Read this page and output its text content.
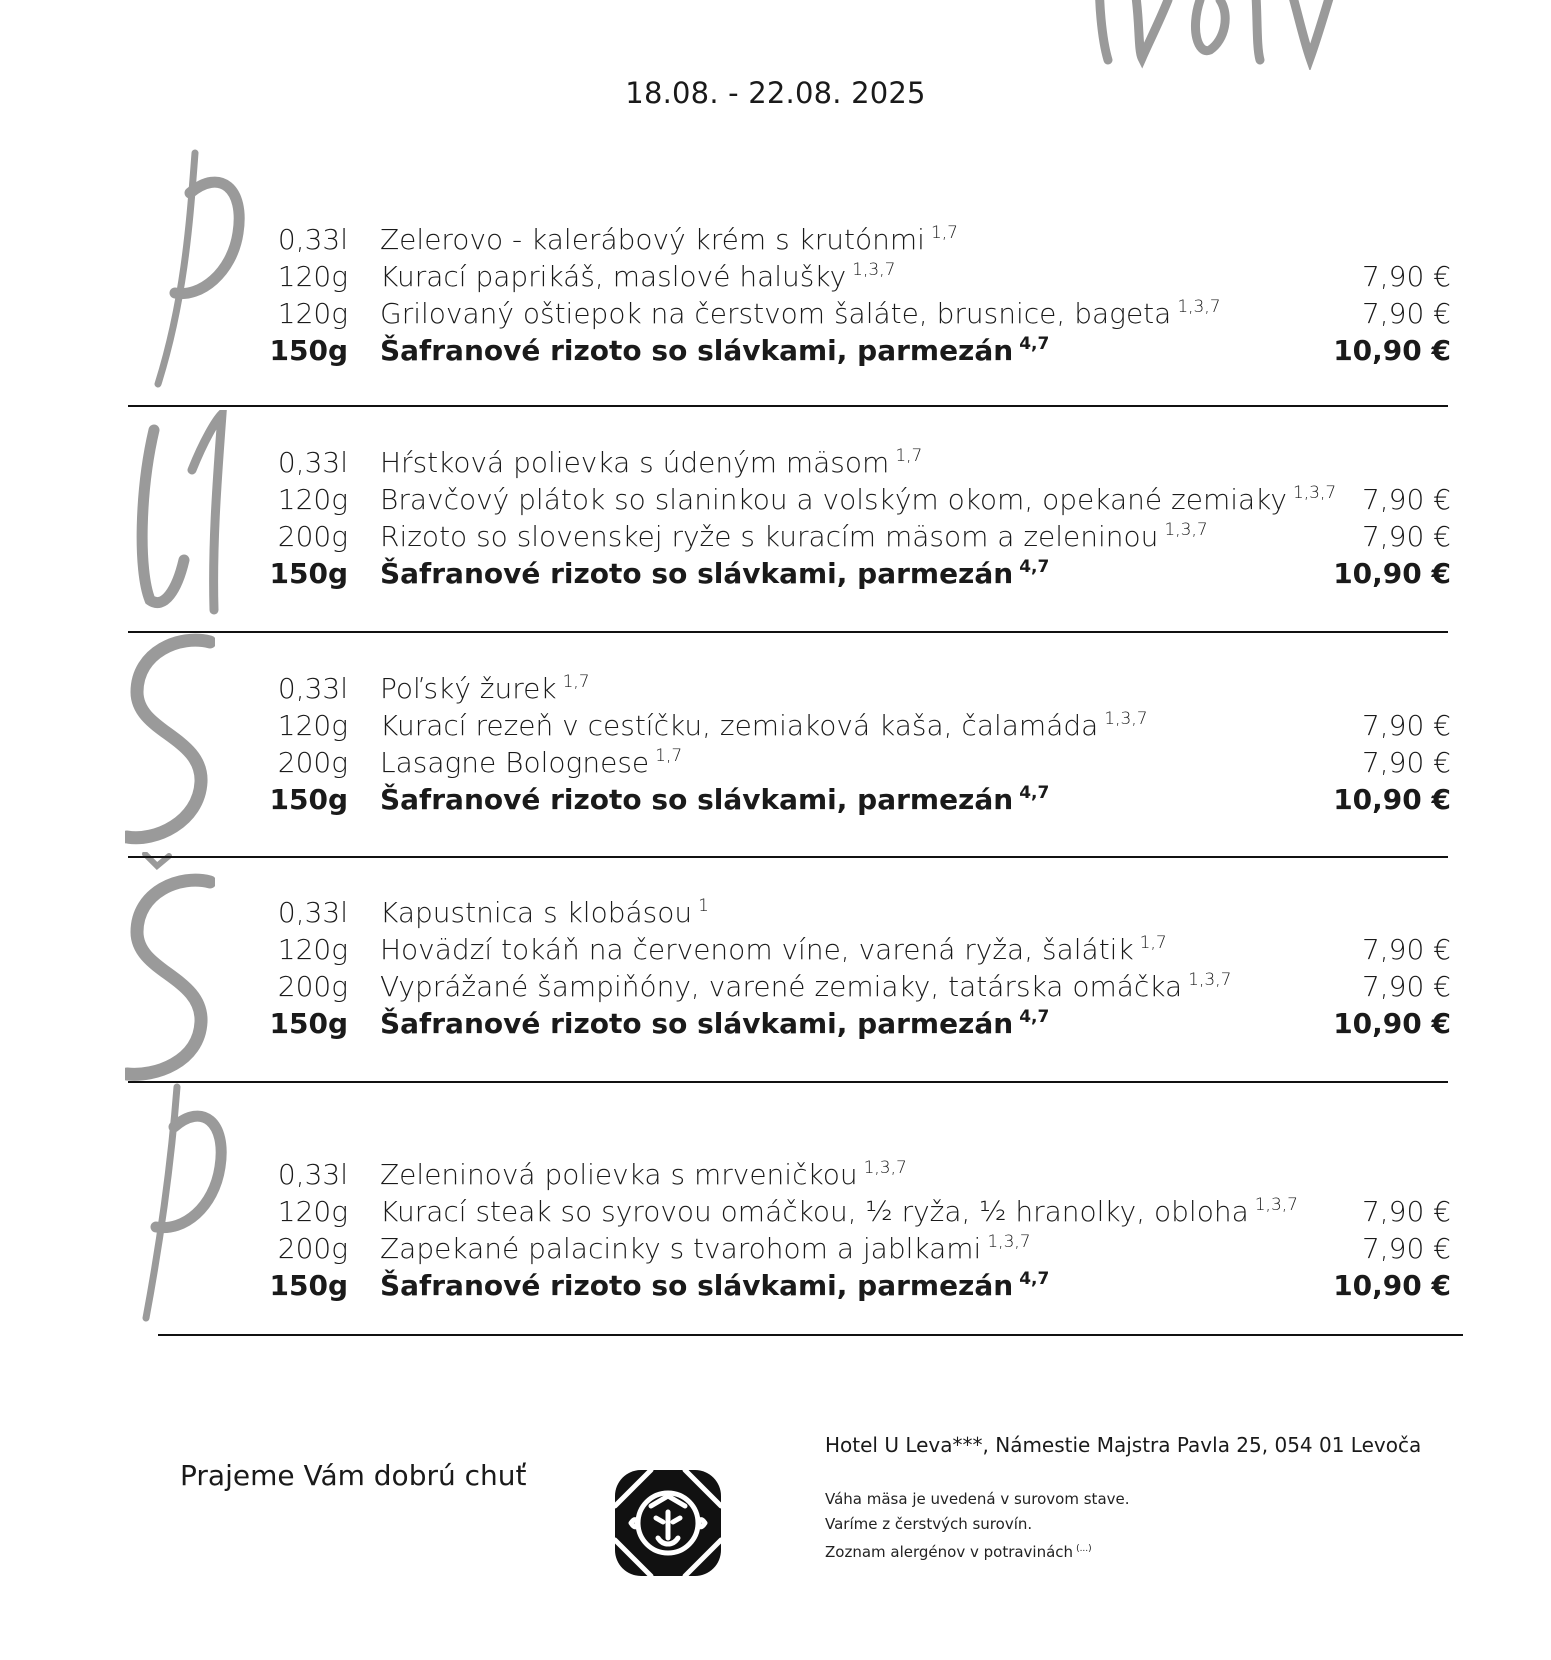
18.08. - 22.08. 2025
0,33l Zelerovo - kalerábový krém s krutónmi $^{1,7}$
120g Kurací paprikáš, maslové halušky $^{1,3,7}$	7,90 €
120g Grilovaný oštiepok na čerstvom šaláte, brusnice, bageta $^{1,3,7}$	7,90 €
150g Šafranové rizoto so slávkami, parmezán $^{4,7}$	10,90 €
0,33l Hŕstková polievka s údeným mäsom $^{1,7}$
120g Bravčový plátok so slaninkou a volským okom, opekané zemiaky $^{1,3,7}$ 7,90 €
200g Rizoto so slovenskej ryže s kuracím mäsom a zeleninou $^{1,3,7}$	7,90 €
150g Šafranové rizoto so slávkami, parmezán $^{4,7}$	10,90 €
0,33l Poľský žurek $^{1,7}$
120g Kurací rezeň v cestíčku, zemiaková kaša, čalamáda $^{1,3,7}$	7,90 €
200g Lasagne Bolognese $^{1,7}$	7,90 €
150g Šafranové rizoto so slávkami, parmezán $^{4,7}$	10,90 €
0,33l Kapustnica s klobásou $^1$
120g Hovädzí tokáň na červenom víne, varená ryža, šalátik $^{1,7}$	7,90 €
200g Vyprážané šampiňóny, varené zemiaky, tatárska omáčka $^{1,3,7}$	7,90 €
150g Šafranové rizoto so slávkami, parmezán $^{4,7}$	10,90 €
0,33l Zeleninová polievka s mrveničkou $^{1,3,7}$
120g Kurací steak so syrovou omáčkou, ½ ryža, ½ hranolky, obloha $^{1,3,7}$ 7,90 €
200g Zapekané palacinky s tvarohom a jablkami $^{1,3,7}$	7,90 €
150g Šafranové rizoto so slávkami, parmezán $^{4,7}$	10,90 €
Prajeme Vám dobrú chuť
Hotel U Leva***, Námestie Majstra Pavla 25, 054 01 Levoča
Váha mäsa je uvedená v surovom stave.
Varíme z čerstvých surovín.
Zoznam alergénov v potravinách (...)
